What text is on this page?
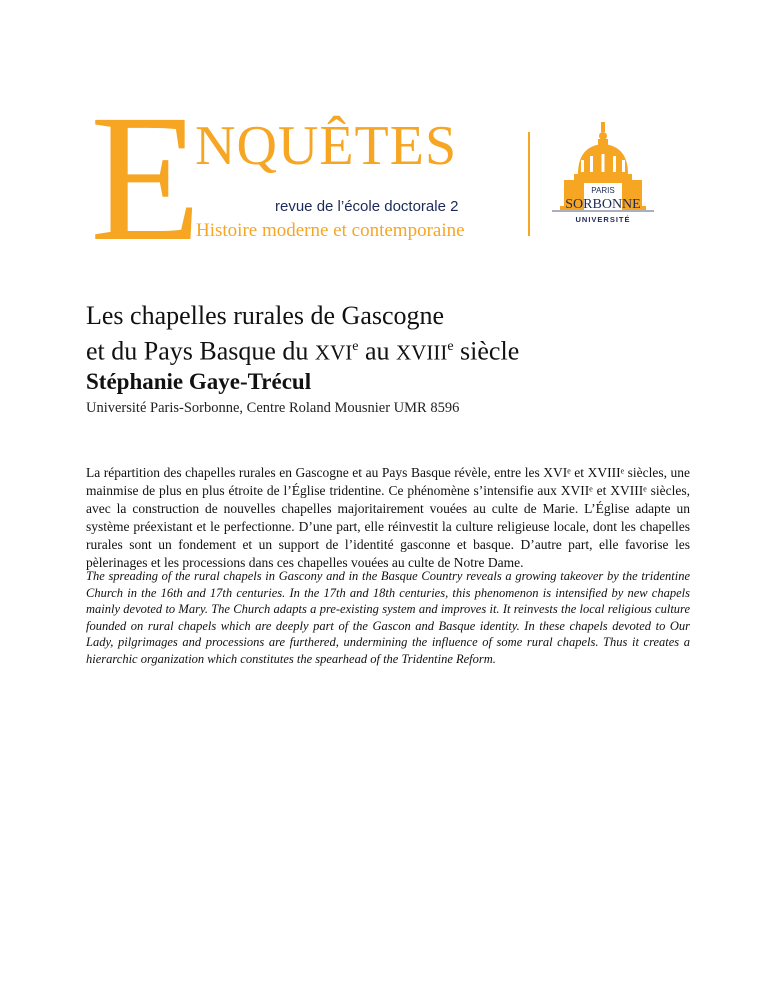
E
NQUÊTES
revue de l’école doctorale 2
Histoire moderne et contemporaine
PARIS
SORBONNE
UNIVERSITÉ
Les chapelles rurales de Gascogne
et du Pays Basque du XVIe au XVIIIe siècle
Stéphanie Gaye-Trécul
Université Paris-Sorbonne, Centre Roland Mousnier UMR 8596

La répartition des chapelles rurales en Gascogne et au Pays Basque révèle, entre les XVIᵉ et XVIIIᵉ siècles, une mainmise de plus en plus étroite de l’Église tridentine. Ce phénomène s’intensifie aux XVIIᵉ et XVIIIᵉ siècles, avec la construction de nouvelles chapelles majoritairement vouées au culte de Marie. L’Église adapte un système préexistant et le perfectionne. D’une part, elle réinvestit la culture religieuse locale, dont les chapelles rurales sont un fondement et un support de l’identité gasconne et basque. D’autre part, elle favorise les pèlerinages et les processions dans ces chapelles vouées au culte de Notre Dame.

The spreading of the rural chapels in Gascony and in the Basque Country reveals a growing takeover by the tridentine Church in the 16th and 17th centuries. In the 17th and 18th centuries, this phenomenon is intensified by new chapels mainly devoted to Mary. The Church adapts a pre-existing system and improves it. It reinvests the local religious culture founded on rural chapels which are deeply part of the Gascon and Basque identity. In these chapels devoted to Our Lady, pilgrimages and processions are furthered, undermining the influence of some rural chapels. Thus it creates a hierarchic organization which constitutes the spearhead of the Tridentine Reform.
